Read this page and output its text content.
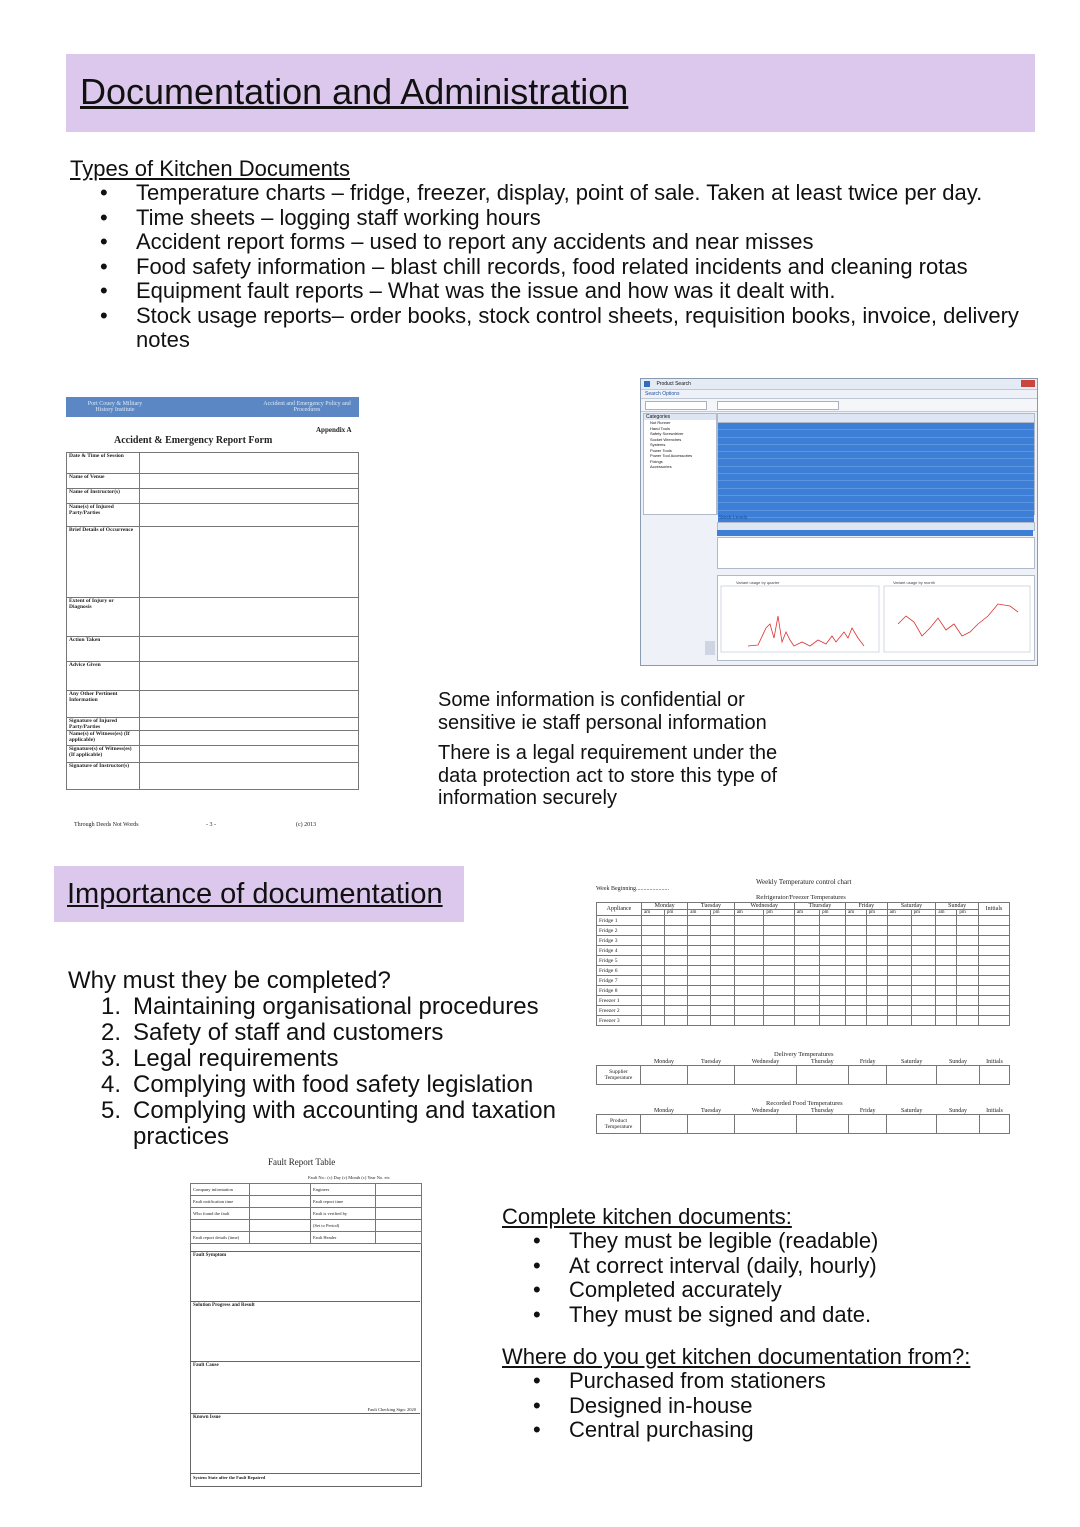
Documentation and Administration
Types of Kitchen Documents
• Temperature charts – fridge, freezer, display, point of sale. Taken at least twice per day.
• Time sheets – logging staff working hours
• Accident report forms – used to report any accidents and near misses
• Food safety information – blast chill records, food related incidents and cleaning rotas
• Equipment fault reports – What was the issue and how was it dealt with.
• Stock usage reports– order books, stock control sheets, requisition books, invoice, delivery notes
Port Couey & Military History Institute
Accident and Emergency Policy and Procedures
Appendix A
Accident & Emergency Report Form
Date & Time of Session	
Name of Venue	
Name of Instructor(s)	
Name(s) of Injured Party/Parties	
Brief Details of Occurrence	
Extent of Injury or Diagnosis	
Action Taken	
Advice Given	
Any Other Pertinent Information	
Signature of Injured Party/Parties	
Name(s) of Witness(es) (If applicable)	
Signature(s) of Witness(es) (If applicable)	
Signature of Instructor(s)	
Through Deeds Not Words	- 3 -	(c) 2013
$^{Product Search}$
Search Options

Categories
Nut Runner
Hand Tools
Safety Screwdriver
Socket Wrenches
Systems
Power Tools
Power Tool Accessories
Fixings
Accessories
Stock Levels
Variant usage by quarter	Variant usage by month

Some information is confidential or sensitive ie staff personal information

There is a legal requirement under the data protection act to store this type of information securely

Importance of documentation
Why must they be completed?
1. Maintaining organisational procedures
2. Safety of staff and customers
3. Legal requirements
4. Complying with food safety legislation
5. Complying with accounting and taxation practices
Week Beginning......................
Weekly Temperature control chart
Refrigerator/Freezer Temperatures
Appliance	Monday		Tuesday		Wednesday		Thursday		Friday		Saturday		Sunday		Initials
	am	pm	am	pm	am	pm	am	pm	am	pm	am	pm	am	pm	
Fridge 1															
Fridge 2															
Fridge 3															
Fridge 4															
Fridge 5															
Fridge 6															
Fridge 7															
Fridge 8															
Freezer 1															
Freezer 2															
Freezer 3															
Delivery Temperatures
	Monday	Tuesday	Wednesday	Thursday	Friday	Saturday	Sunday	Initials
Supplier Temperature								
Recorded Food Temperatures
	Monday	Tuesday	Wednesday	Thursday	Friday	Saturday	Sunday	Initials
Product Temperature								
Fault Report Table
Fault No.: (c) Day (c) Month (c) Year No. etc
Company information		Engineer	
Fault notification time		Fault report time	
Who found the fault		Fault is verified by	
		(Set to Period)	
Fault report details (time)		Fault Header	
Fault Symptom
Solution Progress and Result
Fault Cause
Fault Checking Sign: 2020
Known Issue
System State after the Fault Repaired
Complete kitchen documents:
• They must be legible (readable)
• At correct interval (daily, hourly)
• Completed accurately
• They must be signed and date.
Where do you get kitchen documentation from?:
• Purchased from stationers
• Designed in-house
• Central purchasing
